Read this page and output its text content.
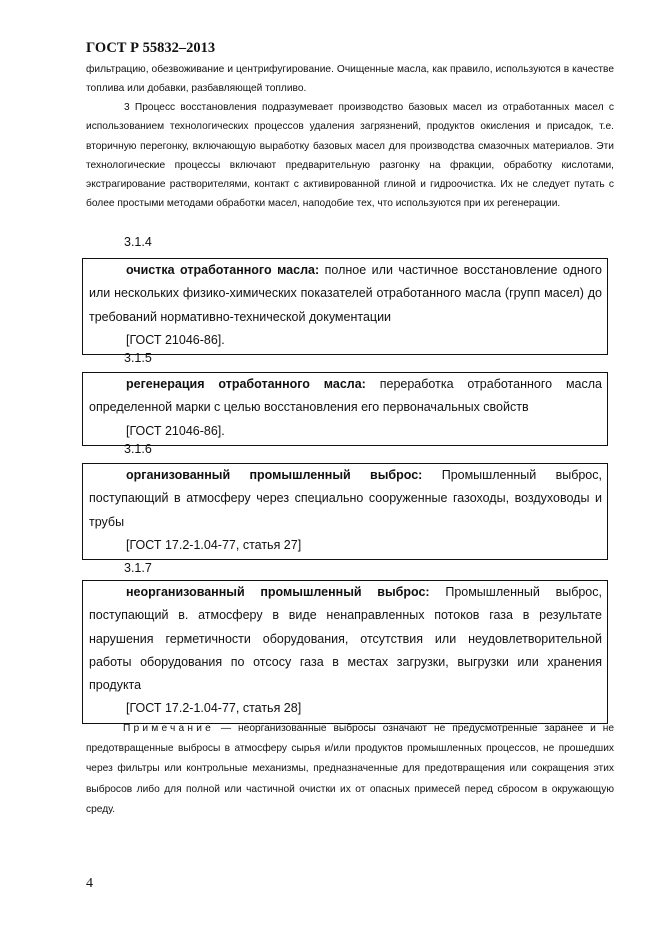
ГОСТ Р 55832–2013

фильтрацию, обезвоживание и центрифугирование. Очищенные масла, как правило, используются в качестве топлива или добавки, разбавляющей топливо.

3 Процесс восстановления подразумевает производство базовых масел из отработанных масел с использованием технологических процессов удаления загрязнений, продуктов окисления и присадок, т.е. вторичную перегонку, включающую выработку базовых масел для производства смазочных материалов. Эти технологические процессы включают предварительную разгонку на фракции, обработку кислотами, экстрагирование растворителями, контакт с активированной глиной и гидроочистка. Их не следует путать с более простыми методами обработки масел, наподобие тех, что используются при их регенерации.

3.1.4

очистка отработанного масла: полное или частичное восстановление одного или нескольких физико-химических показателей отработанного масла (групп масел) до требований нормативно-технической документации

[ГОСТ 21046-86].

3.1.5

регенерация отработанного масла: переработка отработанного масла определенной марки с целью восстановления его первоначальных свойств

[ГОСТ 21046-86].

3.1.6

организованный промышленный выброс: Промышленный выброс, поступающий в атмосферу через специально сооруженные газоходы, воздуховоды и трубы

[ГОСТ 17.2-1.04-77, статья 27]

3.1.7

неорганизованный промышленный выброс: Промышленный выброс, поступающий в. атмосферу в виде ненаправленных потоков газа в результате нарушения герметичности оборудования, отсутствия или неудовлетворительной работы оборудования по отсосу газа в местах загрузки, выгрузки или хранения продукта

[ГОСТ 17.2-1.04-77, статья 28]

Примечание — неорганизованные выбросы означают не предусмотренные заранее и не предотвращенные выбросы в атмосферу сырья и/или продуктов промышленных процессов, не прошедших через фильтры или контрольные механизмы, предназначенные для предотвращения или сокращения этих выбросов либо для полной или частичной очистки их от опасных примесей перед сбросом в окружающую среду.

4
